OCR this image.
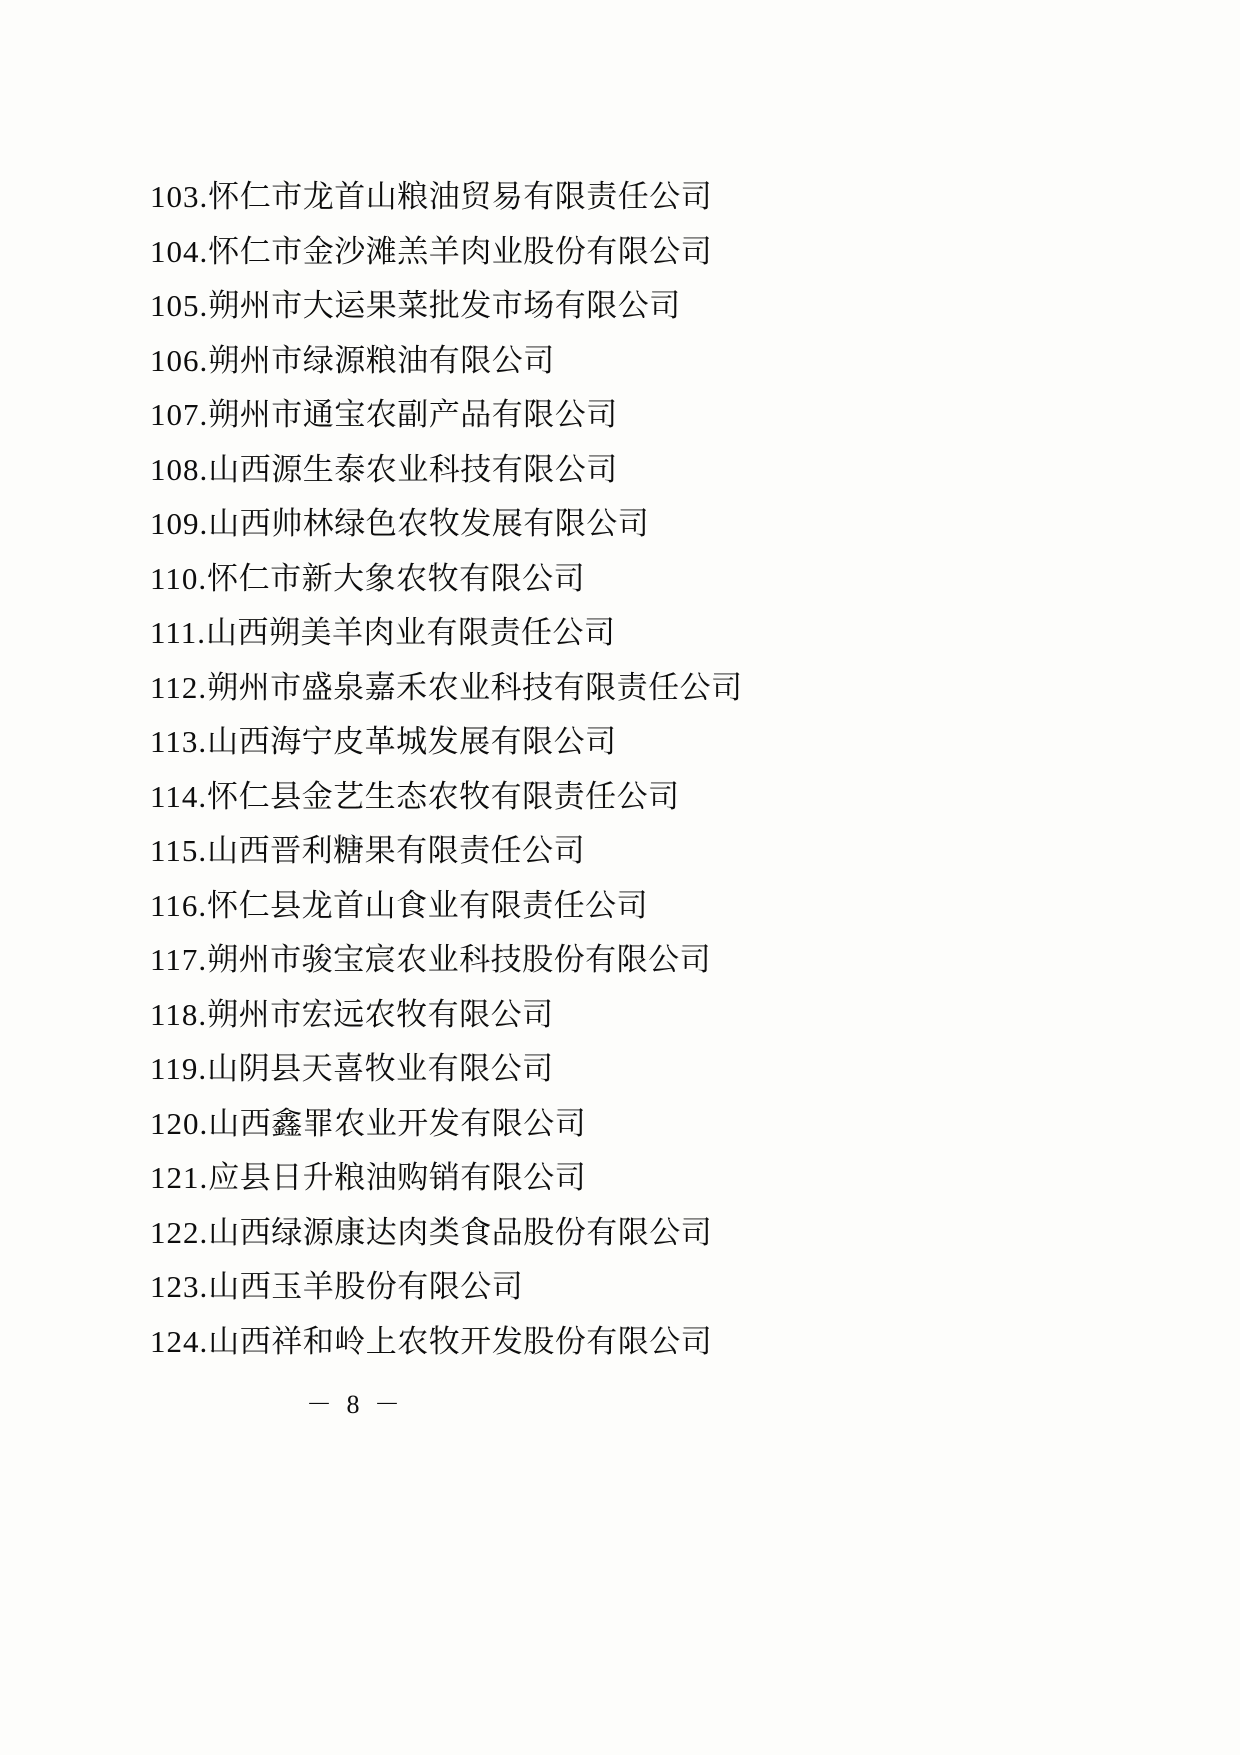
103.怀仁市龙首山粮油贸易有限责任公司
104.怀仁市金沙滩羔羊肉业股份有限公司
105.朔州市大运果菜批发市场有限公司
106.朔州市绿源粮油有限公司
107.朔州市通宝农副产品有限公司
108.山西源生泰农业科技有限公司
109.山西帅林绿色农牧发展有限公司
110.怀仁市新大象农牧有限公司
111.山西朔美羊肉业有限责任公司
112.朔州市盛泉嘉禾农业科技有限责任公司
113.山西海宁皮革城发展有限公司
114.怀仁县金艺生态农牧有限责任公司
115.山西晋利糖果有限责任公司
116.怀仁县龙首山食业有限责任公司
117.朔州市骏宝宸农业科技股份有限公司
118.朔州市宏远农牧有限公司
119.山阴县天喜牧业有限公司
120.山西鑫罪农业开发有限公司
121.应县日升粮油购销有限公司
122.山西绿源康达肉类食品股份有限公司
123.山西玉羊股份有限公司
124.山西祥和岭上农牧开发股份有限公司
－ 8 －
